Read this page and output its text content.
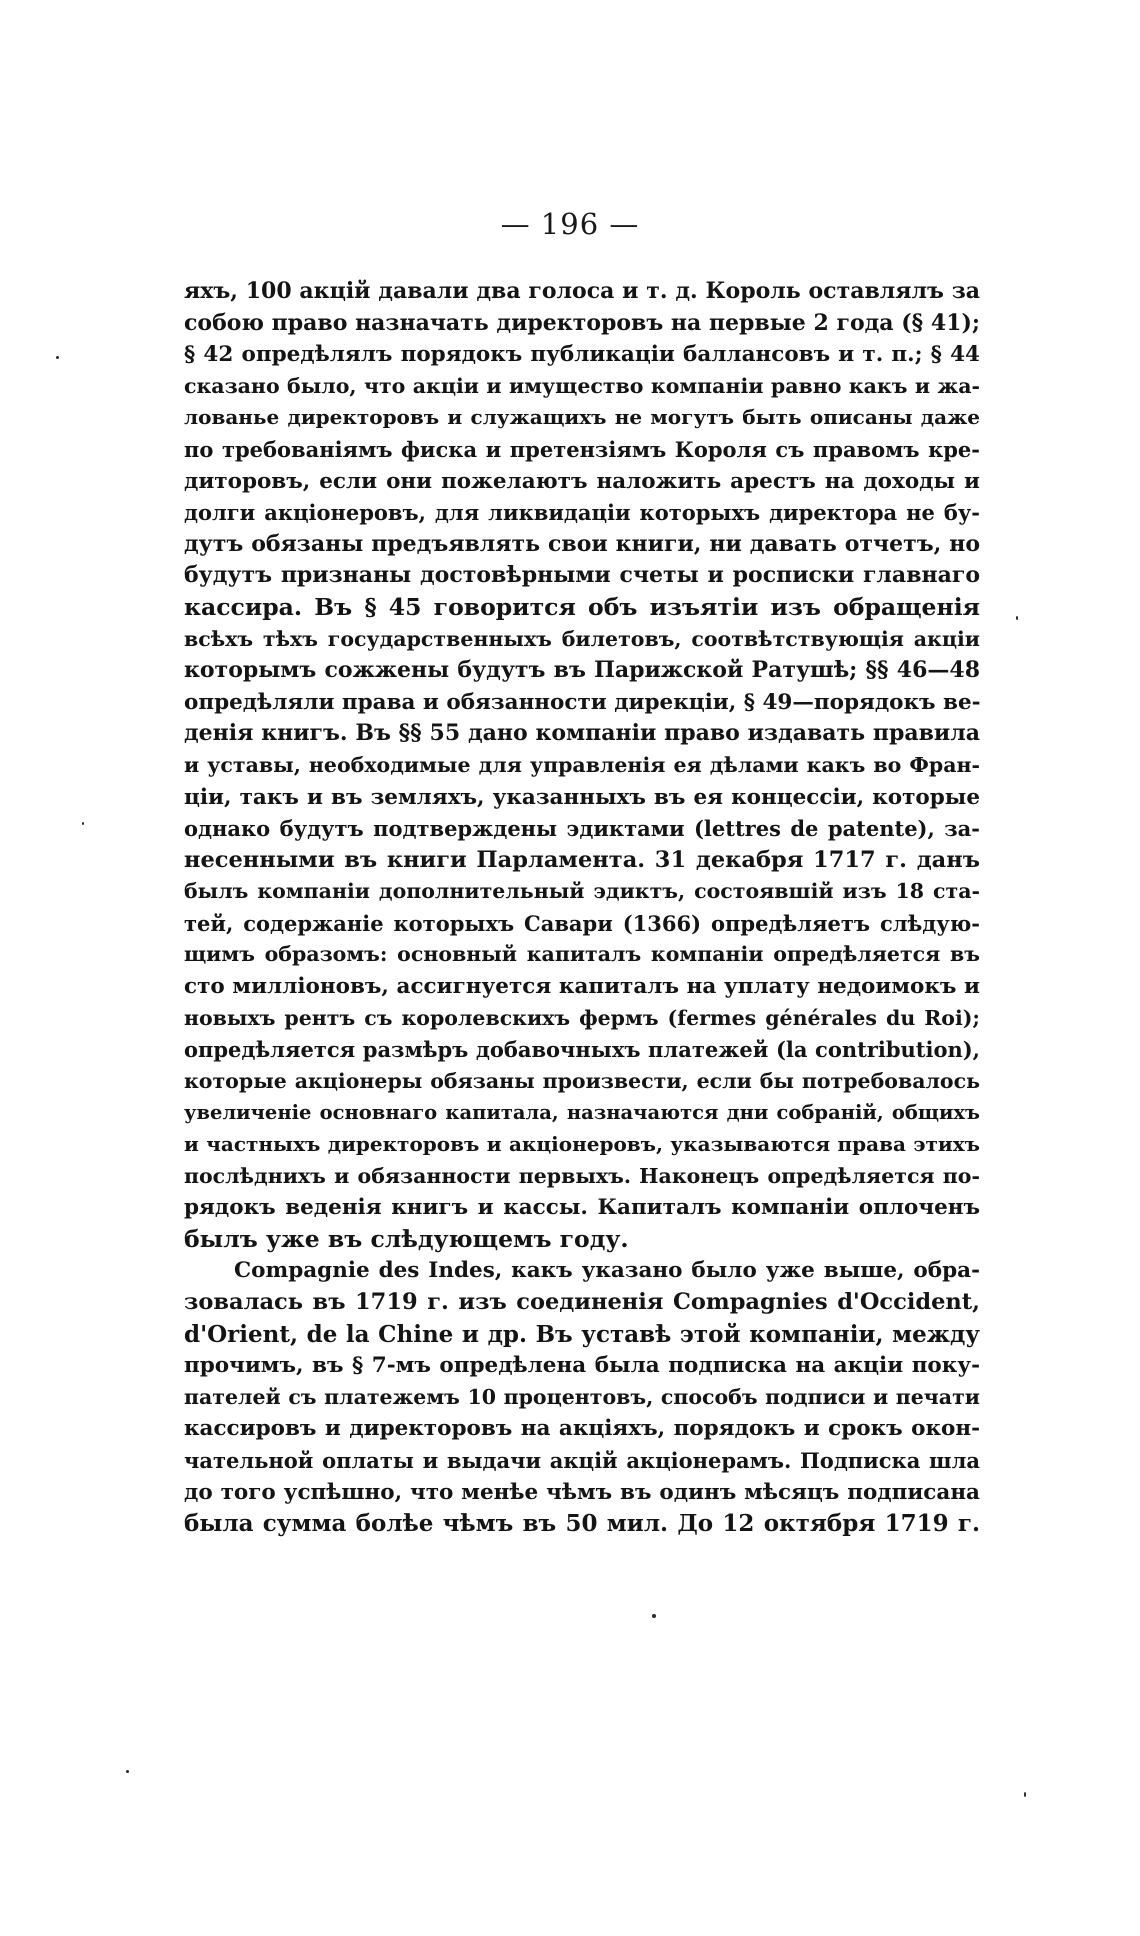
— 196 —
яхъ, 100 акцій давали два голоса и т. д. Король оставлялъ за
собою право назначать директоровъ на первые 2 года (§ 41);
§ 42 опредѣлялъ порядокъ публикаціи баллансовъ и т. п.; § 44
сказано было, что акціи и имущество компаніи равно какъ и жа-
лованье директоровъ и служащихъ не могутъ быть описаны даже
по требованіямъ фиска и претензіямъ Короля съ правомъ кре-
диторовъ, если они пожелаютъ наложить арестъ на доходы и
долги акціонеровъ, для ликвидаціи которыхъ директора не бу-
дутъ обязаны предъявлять свои книги, ни давать отчетъ, но
будутъ признаны достовѣрными счеты и росписки главнаго
кассира. Въ § 45 говорится объ изъятіи изъ обращенія
всѣхъ тѣхъ государственныхъ билетовъ, соотвѣтствующія акціи
которымъ сожжены будутъ въ Парижской Ратушѣ; §§ 46—48
опредѣляли права и обязанности дирекціи, § 49—порядокъ ве-
денія книгъ. Въ §§ 55 дано компаніи право издавать правила
и уставы, необходимые для управленія ея дѣлами какъ во Фран-
ціи, такъ и въ земляхъ, указанныхъ въ ея концессіи, которые
однако будутъ подтверждены эдиктами (lettres de patente), за-
несенными въ книги Парламента. 31 декабря 1717 г. данъ
былъ компаніи дополнительный эдиктъ, состоявшій изъ 18 ста-
тей, содержаніе которыхъ Савари (1366) опредѣляетъ слѣдую-
щимъ образомъ: основный капиталъ компаніи опредѣляется въ
сто милліоновъ, ассигнуется капиталъ на уплату недоимокъ и
новыхъ рентъ съ королевскихъ фермъ (fermes générales du Roi);
опредѣляется размѣръ добавочныхъ платежей (la contribution),
которые акціонеры обязаны произвести, если бы потребовалось
увеличеніе основнаго капитала, назначаются дни собраній, общихъ
и частныхъ директоровъ и акціонеровъ, указываются права этихъ
послѣднихъ и обязанности первыхъ. Наконецъ опредѣляется по-
рядокъ веденія книгъ и кассы. Капиталъ компаніи оплоченъ
былъ уже въ слѣдующемъ году.
Compagnie des Indes, какъ указано было уже выше, обра-
зовалась въ 1719 г. изъ соединенія Compagnies d'Occident,
d'Orient, de la Chine и др. Въ уставѣ этой компаніи, между
прочимъ, въ § 7-мъ опредѣлена была подписка на акціи поку-
пателей съ платежемъ 10 процентовъ, способъ подписи и печати
кассировъ и директоровъ на акціяхъ, порядокъ и срокъ окон-
чательной оплаты и выдачи акцій акціонерамъ. Подписка шла
до того успѣшно, что менѣе чѣмъ въ одинъ мѣсяцъ подписана
была сумма болѣе чѣмъ въ 50 мил. До 12 октября 1719 г.
